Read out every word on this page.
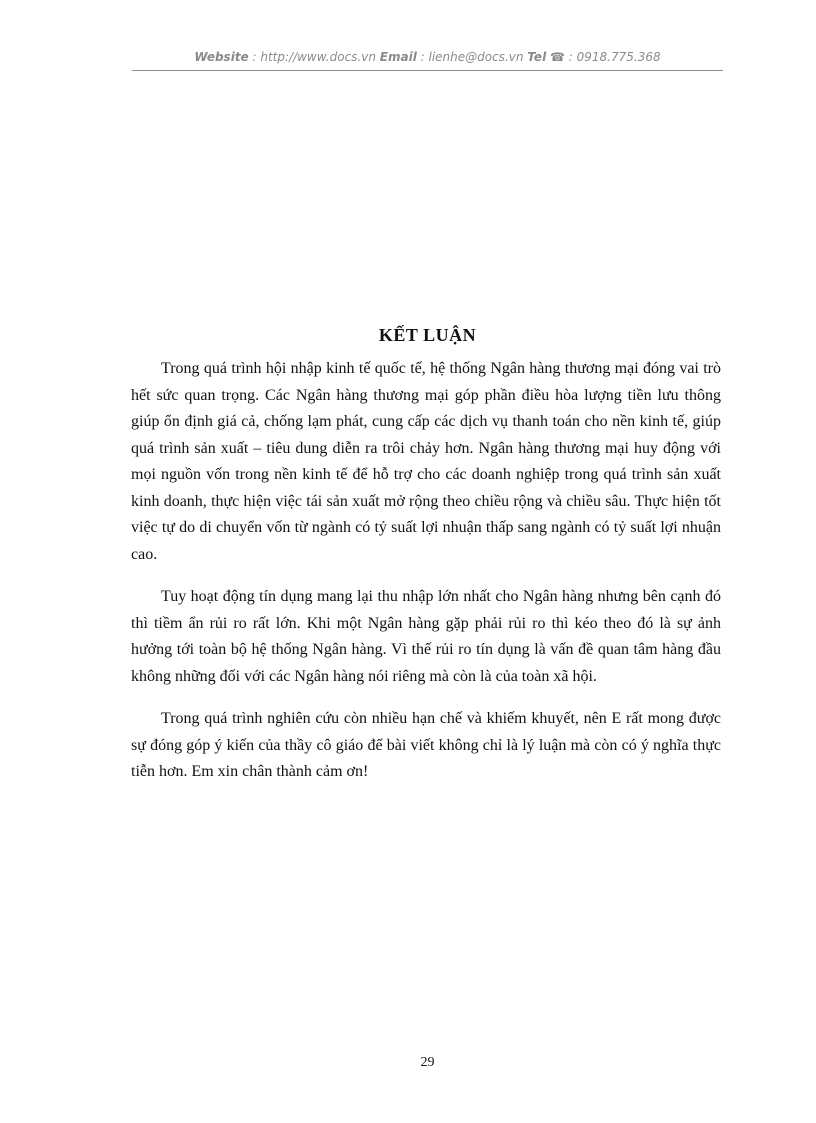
Website : http://www.docs.vn Email : lienhe@docs.vn Tel ☎ : 0918.775.368
KẾT LUẬN

Trong quá trình hội nhập kinh tế quốc tế, hệ thống Ngân hàng thương mại đóng vai trò hết sức quan trọng. Các Ngân hàng thương mại góp phần điều hòa lượng tiền lưu thông giúp ổn định giá cả, chống lạm phát, cung cấp các dịch vụ thanh toán cho nền kinh tế, giúp quá trình sản xuất – tiêu dung diễn ra trôi chảy hơn. Ngân hàng thương mại huy động với mọi nguồn vốn trong nền kinh tế để hỗ trợ cho các doanh nghiệp trong quá trình sản xuất kinh doanh, thực hiện việc tái sản xuất mở rộng theo chiều rộng và chiều sâu. Thực hiện tốt việc tự do di chuyển vốn từ ngành có tỷ suất lợi nhuận thấp sang ngành có tỷ suất lợi nhuận cao.

Tuy hoạt động tín dụng mang lại thu nhập lớn nhất cho Ngân hàng nhưng bên cạnh đó thì tiềm ẩn rủi ro rất lớn. Khi một Ngân hàng gặp phải rủi ro thì kéo theo đó là sự ảnh hưởng tới toàn bộ hệ thống Ngân hàng. Vì thế rủi ro tín dụng là vấn đề quan tâm hàng đầu không những đối với các Ngân hàng nói riêng mà còn là của toàn xã hội.

Trong quá trình nghiên cứu còn nhiều hạn chế và khiếm khuyết, nên E rất mong được sự đóng góp ý kiến của thầy cô giáo để bài viết không chỉ là lý luận mà còn có ý nghĩa thực tiễn hơn. Em xin chân thành cảm ơn!

29
